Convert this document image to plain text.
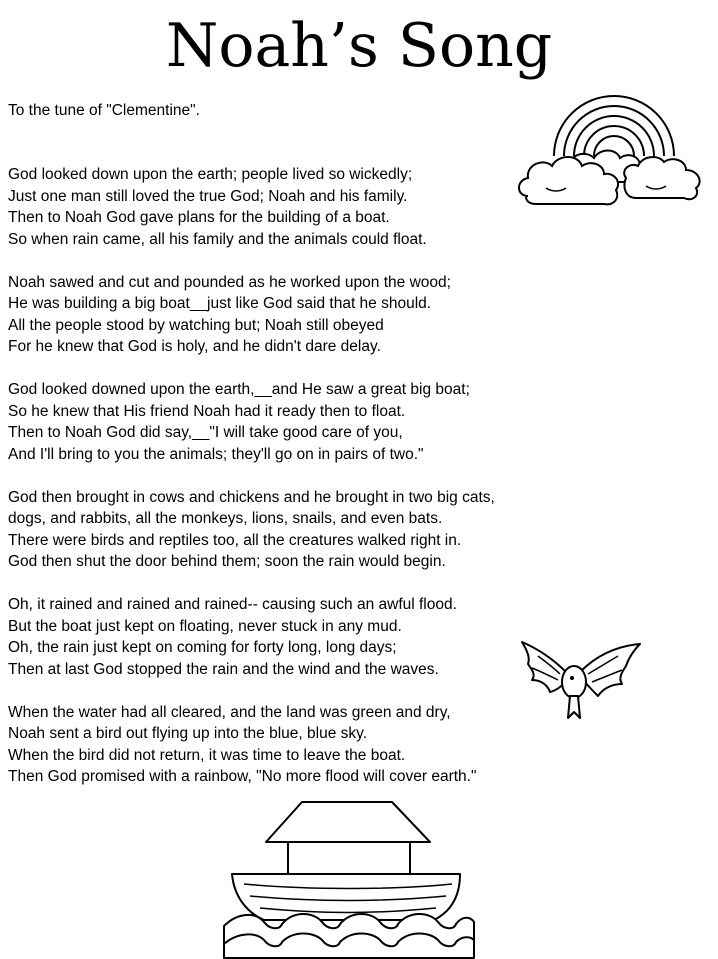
Noah’s Song
To the tune of "Clementine".
God looked down upon the earth; people lived so wickedly;
Just one man still loved the true God; Noah and his family.
Then to Noah God gave plans for the building of a boat.
So when rain came, all his family and the animals could float.
Noah sawed and cut and pounded as he worked upon the wood;
He was building a big boat__just like God said that he should.
All the people stood by watching but; Noah still obeyed
For he knew that God is holy, and he didn't dare delay.
God looked downed upon the earth,__and He saw a great big boat;
So he knew that His friend Noah had it ready then to float.
Then to Noah God did say,__"I will take good care of you,
And I'll bring to you the animals; they'll go on in pairs of two."
God then brought in cows and chickens and he brought in two big cats,
dogs, and rabbits, all the monkeys, lions, snails, and even bats.
There were birds and reptiles too, all the creatures walked right in.
God then shut the door behind them; soon the rain would begin.
Oh, it rained and rained and rained-- causing such an awful flood.
But the boat just kept on floating, never stuck in any mud.
Oh, the rain just kept on coming for forty long, long days;
Then at last God stopped the rain and the wind and the waves.
When the water had all cleared, and the land was green and dry,
Noah sent a bird out flying up into the blue, blue sky.
When the bird did not return, it was time to leave the boat.
Then God promised with a rainbow, "No more flood will cover earth."
